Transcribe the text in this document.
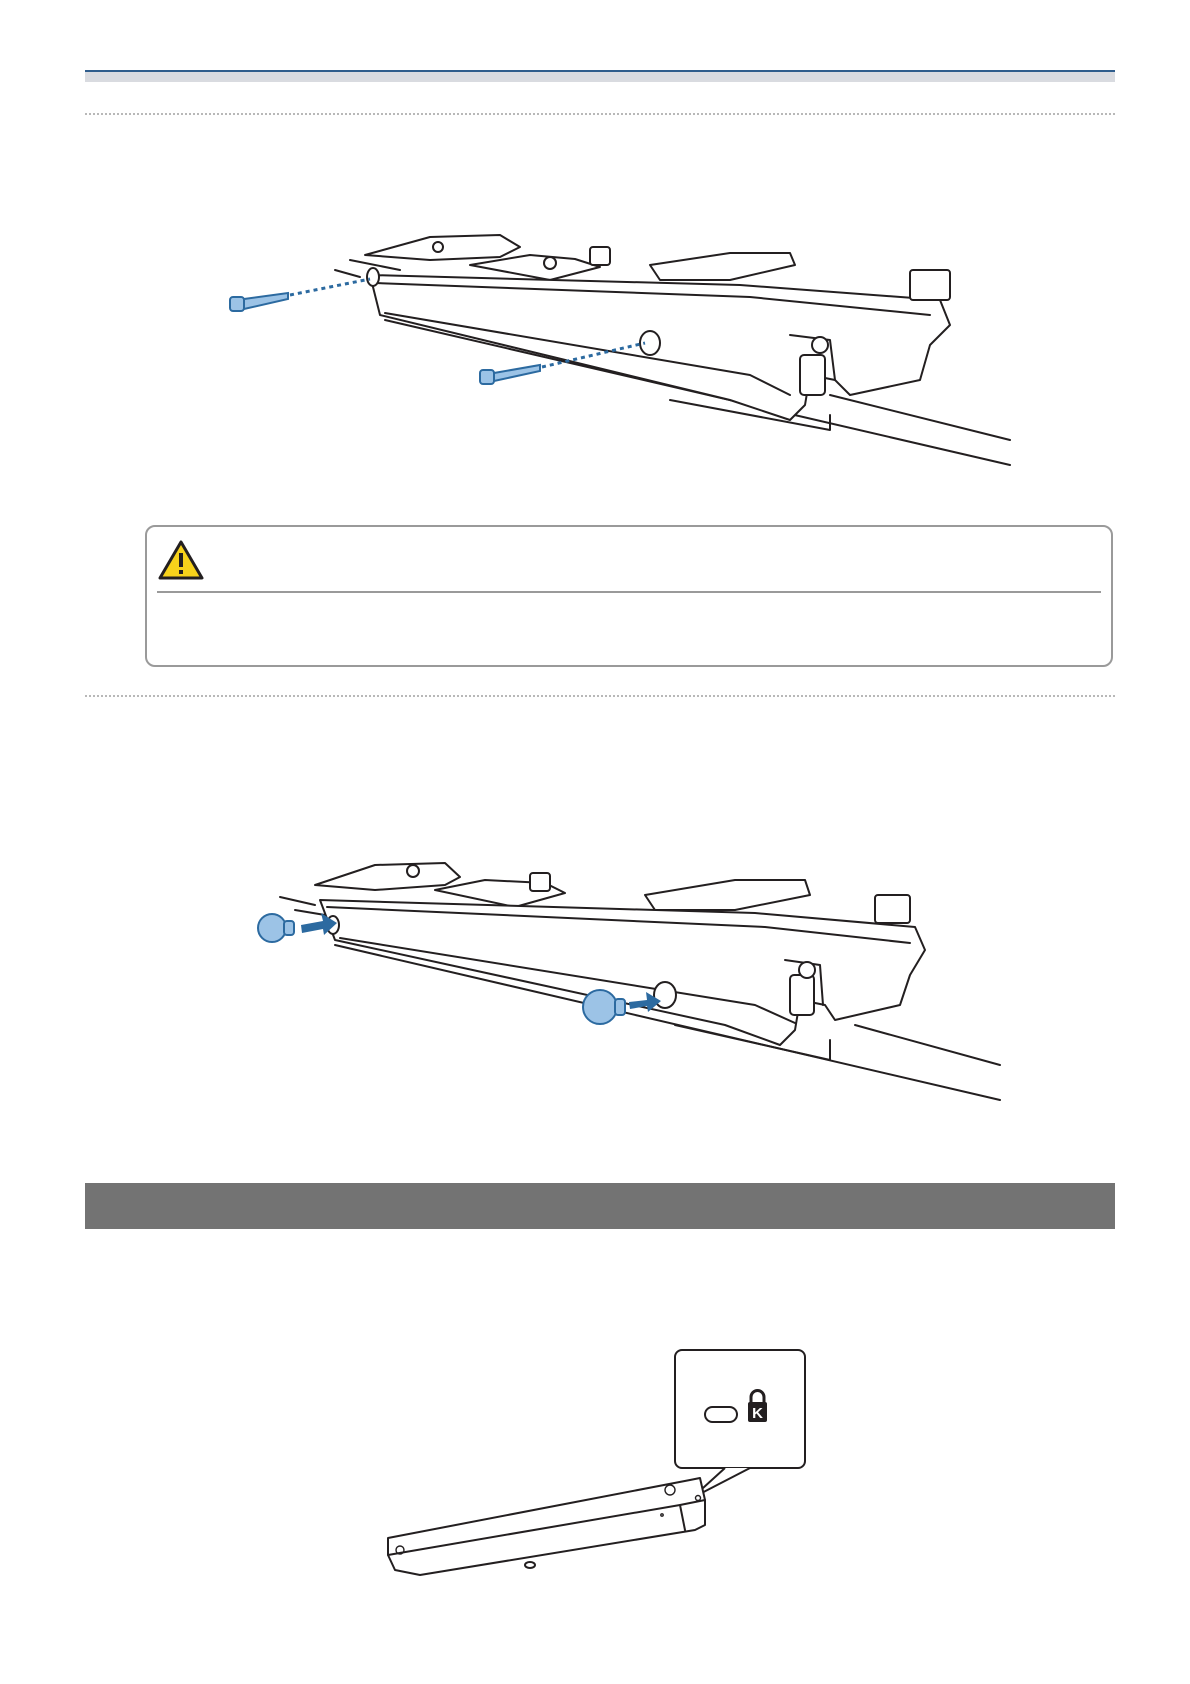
K
